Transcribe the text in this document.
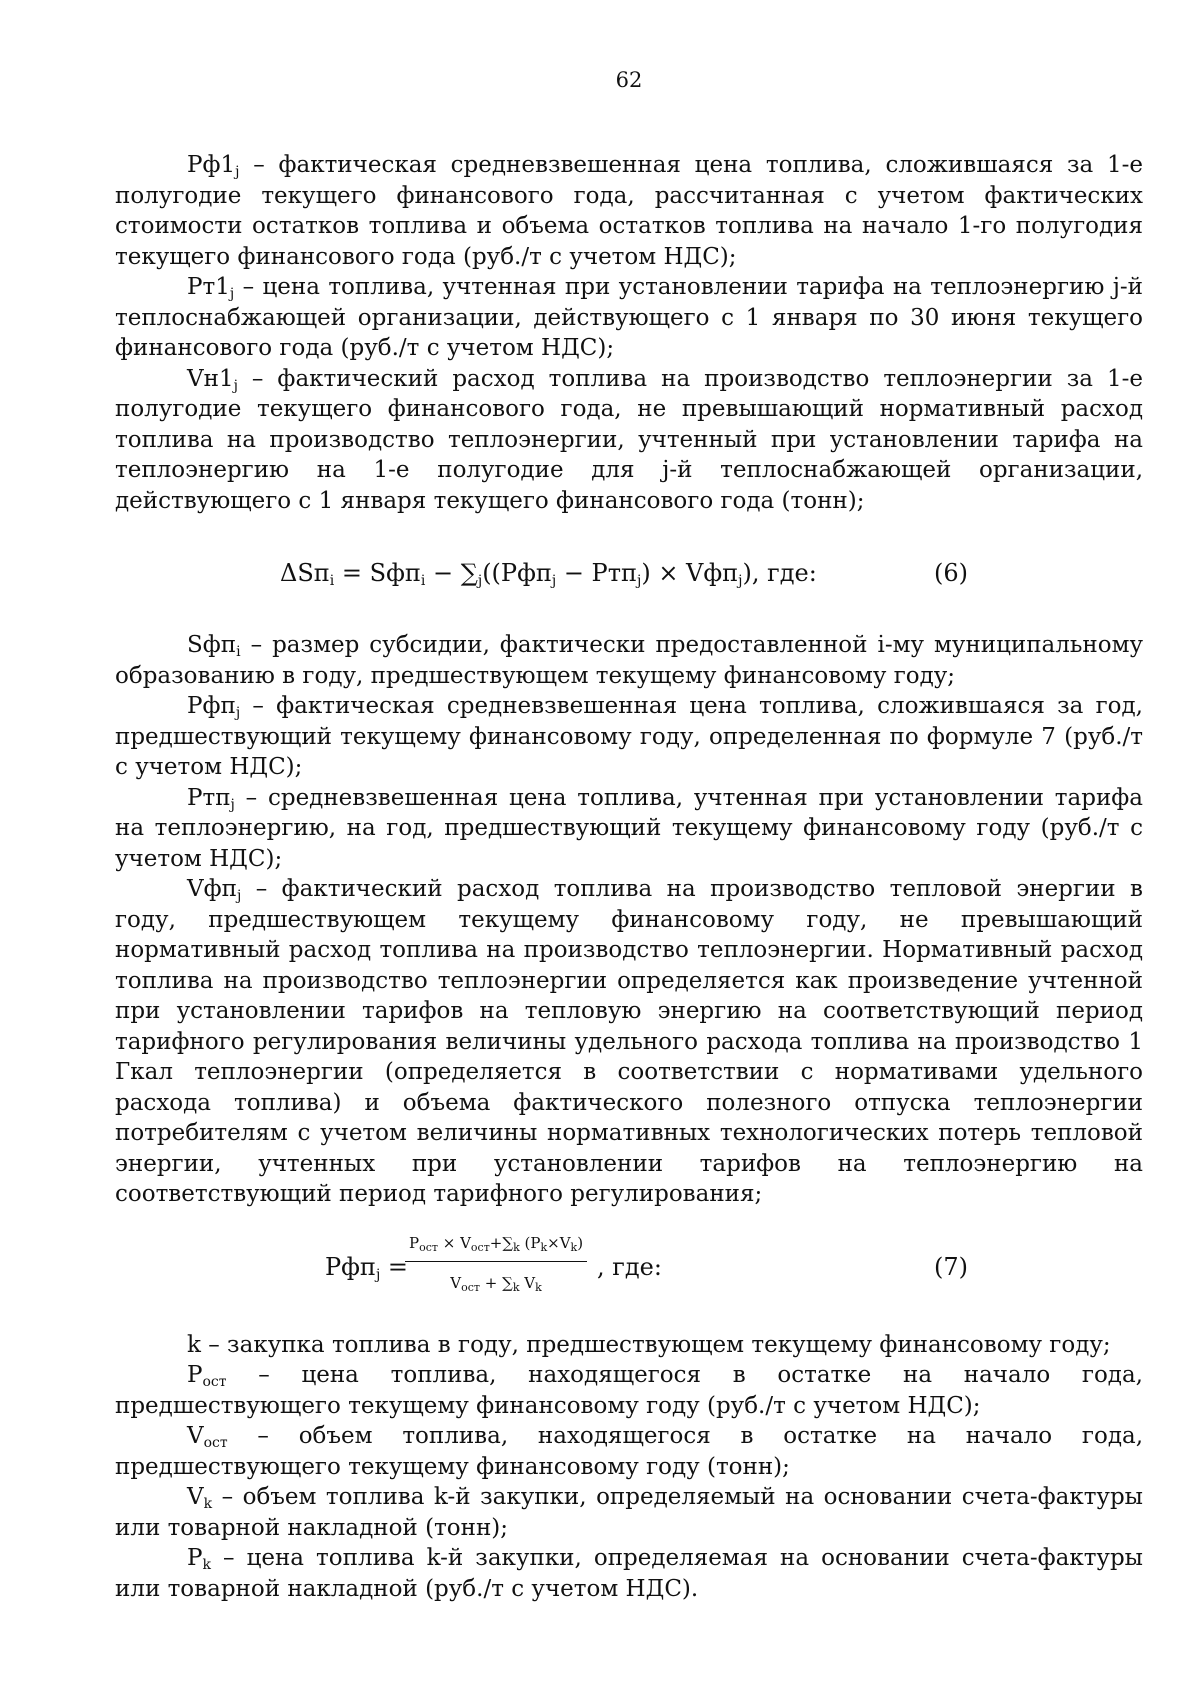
62

$Рф1_j$ – фактическая средневзвешенная цена топлива, сложившаяся за 1-е полугодие текущего финансового года, рассчитанная с учетом фактических стоимости остатков топлива и объема остатков топлива на начало 1-го полугодия текущего финансового года (руб./т с учетом НДС);

$Рт1_j$ – цена топлива, учтенная при установлении тарифа на теплоэнергию j-й теплоснабжающей организации, действующего с 1 января по 30 июня текущего финансового года (руб./т с учетом НДС);

$Vн1_j$ – фактический расход топлива на производство теплоэнергии за 1-е полугодие текущего финансового года, не превышающий нормативный расход топлива на производство теплоэнергии, учтенный при установлении тарифа на теплоэнергию на 1-е полугодие для j-й теплоснабжающей организации, действующего с 1 января текущего финансового года (тонн);

$\Delta Sп_i = Sфп_i - \sum_j((Рфп_j - Ртп_j) \times Vфп_j)$, где:	(6)

Sфп$_i$ – размер субсидии, фактически предоставленной i-му муниципальному образованию в году, предшествующем текущему финансовому году;

Рфп$_j$ – фактическая средневзвешенная цена топлива, сложившаяся за год, предшествующий текущему финансовому году, определенная по формуле 7 (руб./т с учетом НДС);

Ртп$_j$ – средневзвешенная цена топлива, учтенная при установлении тарифа на теплоэнергию, на год, предшествующий текущему финансовому году (руб./т с учетом НДС);

Vфп$_j$ – фактический расход топлива на производство тепловой энергии в году, предшествующем текущему финансовому году, не превышающий нормативный расход топлива на производство теплоэнергии. Нормативный расход топлива на производство теплоэнергии определяется как произведение учтенной при установлении тарифов на тепловую энергию на соответствующий период тарифного регулирования величины удельного расхода топлива на производство 1 Гкал теплоэнергии (определяется в соответствии с нормативами удельного расхода топлива) и объема фактического полезного отпуска теплоэнергии потребителям с учетом величины нормативных технологических потерь тепловой энергии, учтенных при установлении тарифов на теплоэнергию на соответствующий период тарифного регулирования;

Рфп$_j$ =
$P_{ост} \times V_{ост}+\sum_k$ $(P_k\times V_k)$
$V_{ост} + \sum_k$ $V_k$
, где:	(7)

k – закупка топлива в году, предшествующем текущему финансовому году;

$P_{ост}$ – цена топлива, находящегося в остатке на начало года, предшествующего текущему финансовому году (руб./т с учетом НДС);

$V_{ост}$ – объем топлива, находящегося в остатке на начало года, предшествующего текущему финансовому году (тонн);

$V_k$ – объем топлива k-й закупки, определяемый на основании счета-фактуры или товарной накладной (тонн);

$P_k$ – цена топлива k-й закупки, определяемая на основании счета-фактуры или товарной накладной (руб./т с учетом НДС).
